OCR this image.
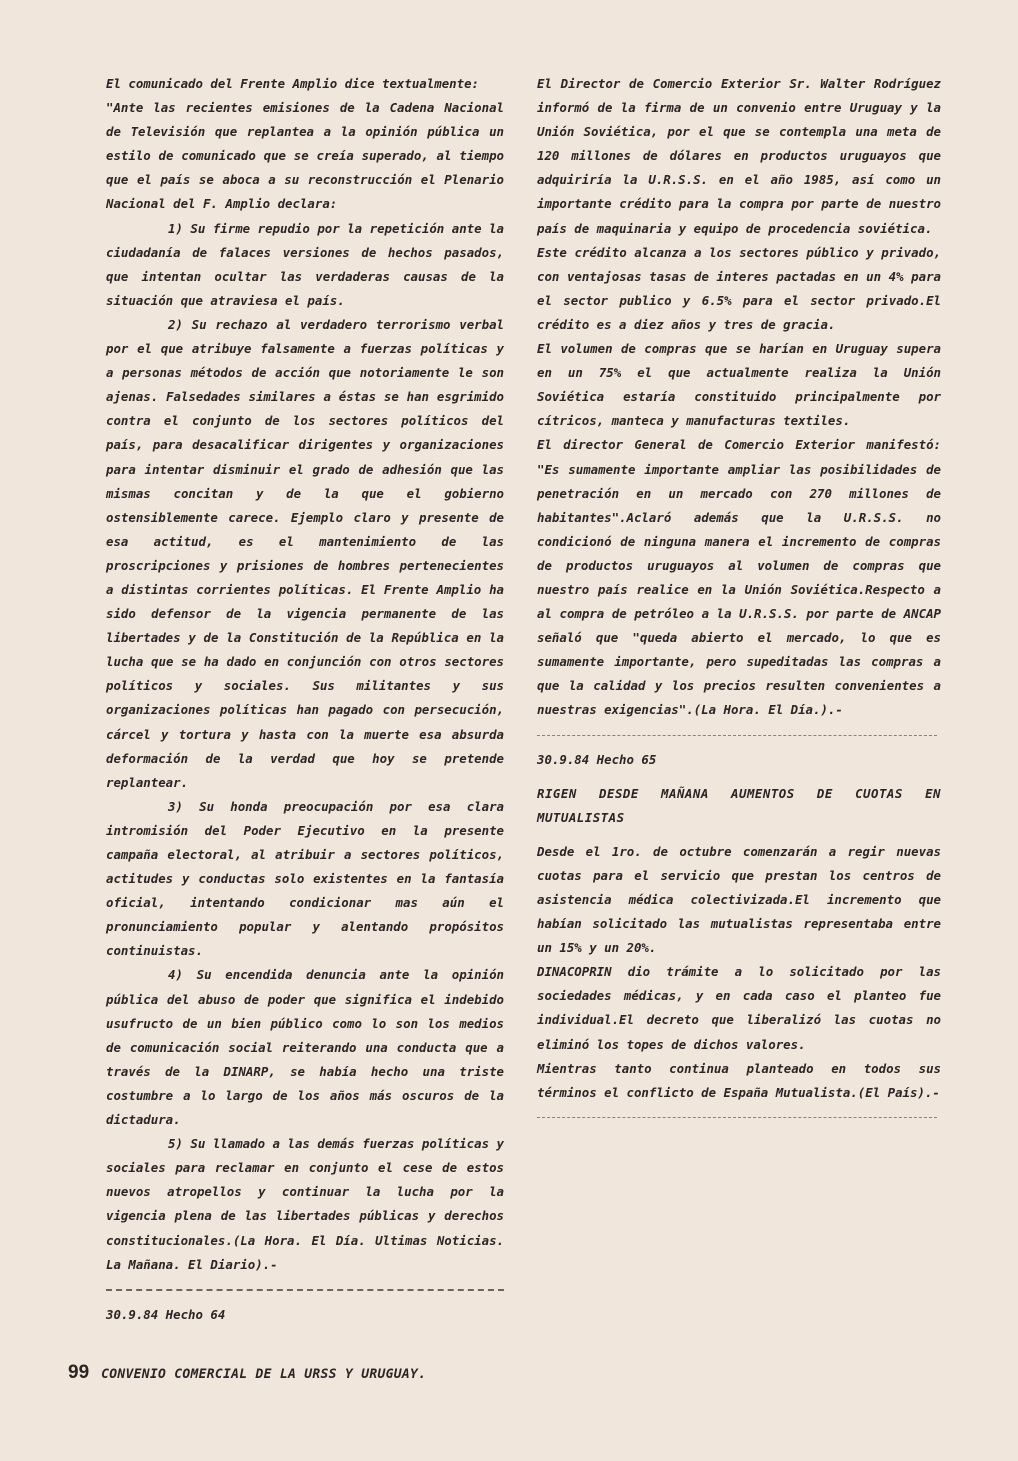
El comunicado del Frente Amplio dice textualmente:

"Ante las recientes emisiones de la Cadena Nacional de Televisión que replantea a la opinión pública un estilo de comunicado que se creía superado, al tiempo que el país se aboca a su reconstrucción el Plenario Nacional del F. Amplio declara:

1) Su firme repudio por la repetición ante la ciudadanía de falaces versiones de hechos pasados, que intentan ocultar las verdaderas causas de la situación que atraviesa el país.

2) Su rechazo al verdadero terrorismo verbal por el que atribuye falsamente a fuerzas políticas y a personas métodos de acción que notoriamente le son ajenas. Falsedades similares a éstas se han esgrimido contra el conjunto de los sectores políticos del país, para desacalificar dirigentes y organizaciones para intentar disminuir el grado de adhesión que las mismas concitan y de la que el gobierno ostensiblemente carece. Ejemplo claro y presente de esa actitud, es el mantenimiento de las proscripciones y prisiones de hombres pertenecientes a distintas corrientes políticas. El Frente Amplio ha sido defensor de la vigencia permanente de las libertades y de la Constitución de la República en la lucha que se ha dado en conjunción con otros sectores políticos y sociales. Sus militantes y sus organizaciones políticas han pagado con persecución, cárcel y tortura y hasta con la muerte esa absurda deformación de la verdad que hoy se pretende replantear.

3) Su honda preocupación por esa clara intromisión del Poder Ejecutivo en la presente campaña electoral, al atribuir a sectores políticos, actitudes y conductas solo existentes en la fantasía oficial, intentando condicionar mas aún el pronunciamiento popular y alentando propósitos continuistas.

4) Su encendida denuncia ante la opinión pública del abuso de poder que significa el indebido usufructo de un bien público como lo son los medios de comunicación social reiterando una conducta que a través de la DINARP, se había hecho una triste costumbre a lo largo de los años más oscuros de la dictadura.

5) Su llamado a las demás fuerzas políticas y sociales para reclamar en conjunto el cese de estos nuevos atropellos y continuar la lucha por la vigencia plena de las libertades públicas y derechos constitucionales.(La Hora. El Día. Ultimas Noticias. La Mañana. El Diario).-

30.9.84 Hecho 64

El Director de Comercio Exterior Sr. Walter Rodríguez informó de la firma de un convenio entre Uruguay y la Unión Soviética, por el que se contempla una meta de 120 millones de dólares en productos uruguayos que adquiriría la U.R.S.S. en el año 1985, así como un importante crédito para la compra por parte de nuestro país de maquinaria y equipo de procedencia soviética.

Este crédito alcanza a los sectores público y privado, con ventajosas tasas de interes pactadas en un 4% para el sector publico y 6.5% para el sector privado.El crédito es a diez años y tres de gracia.

El volumen de compras que se harían en Uruguay supera en un 75% el que actualmente realiza la Unión Soviética estaría constituido principalmente por cítricos, manteca y manufacturas textiles.

El director General de Comercio Exterior manifestó: "Es sumamente importante ampliar las posibilidades de penetración en un mercado con 270 millones de habitantes".Aclaró además que la U.R.S.S. no condicionó de ninguna manera el incremento de compras de productos uruguayos al volumen de compras que nuestro país realice en la Unión Soviética.Respecto a al compra de petróleo a la U.R.S.S. por parte de ANCAP señaló que "queda abierto el mercado, lo que es sumamente importante, pero supeditadas las compras a que la calidad y los precios resulten convenientes a nuestras exigencias".(La Hora. El Día.).-

30.9.84 Hecho 65

RIGEN DESDE MAÑANA AUMENTOS DE CUOTAS EN MUTUALISTAS

Desde el 1ro. de octubre comenzarán a regir nuevas cuotas para el servicio que prestan los centros de asistencia médica colectivizada.El incremento que habían solicitado las mutualistas representaba entre un 15% y un 20%.

DINACOPRIN dio trámite a lo solicitado por las sociedades médicas, y en cada caso el planteo fue individual.El decreto que liberalizó las cuotas no eliminó los topes de dichos valores.

Mientras tanto continua planteado en todos sus términos el conflicto de España Mutualista.(El País).-

99 CONVENIO COMERCIAL DE LA URSS Y URUGUAY.
